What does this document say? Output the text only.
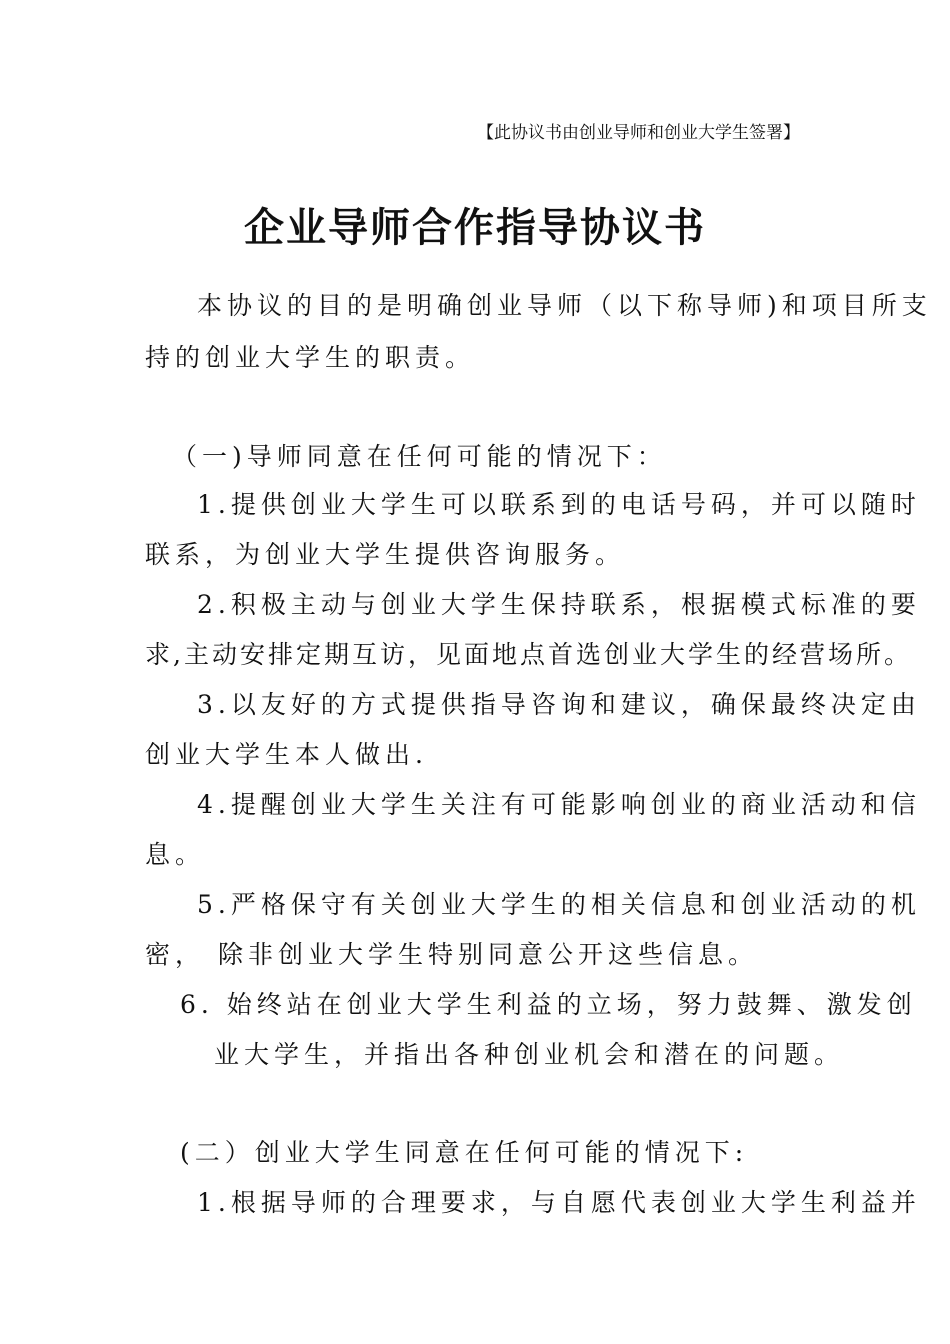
【此协议书由创业导师和创业大学生签署】
企业导师合作指导协议书
本协议的目的是明确创业导师（以下称导师)和项目所支
持的创业大学生的职责。
（一)导师同意在任何可能的情况下：
1.提供创业大学生可以联系到的电话号码，并可以随时
联系，为创业大学生提供咨询服务。
2.积极主动与创业大学生保持联系，根据模式标准的要
求,主动安排定期互访，见面地点首选创业大学生的经营场所。
3.以友好的方式提供指导咨询和建议，确保最终决定由
创业大学生本人做出.
4.提醒创业大学生关注有可能影响创业的商业活动和信
息。
5.严格保守有关创业大学生的相关信息和创业活动的机
密， 除非创业大学生特别同意公开这些信息。
6. 始终站在创业大学生利益的立场，努力鼓舞、激发创
业大学生，并指出各种创业机会和潜在的问题。
(二）创业大学生同意在任何可能的情况下:
1.根据导师的合理要求，与自愿代表创业大学生利益并
